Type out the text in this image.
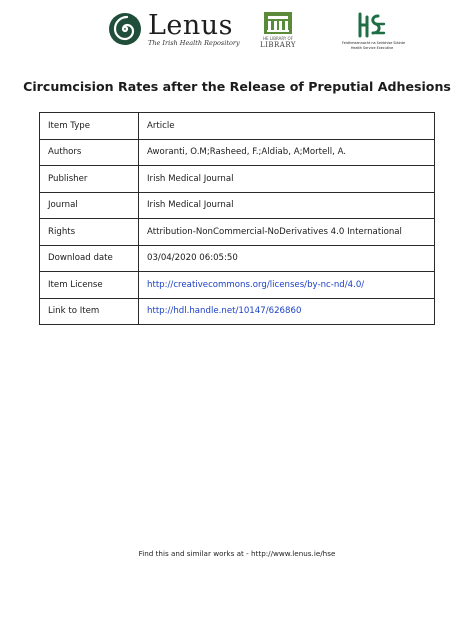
Lenus
The Irish Health Repository
HE LIBRARY OF
LIBRARY	Feidhmeannacht na Seirbhíse Sláinte
Health Service Executive
Circumcision Rates after the Release of Preputial Adhesions
Item Type	Article
Authors	Aworanti, O.M;Rasheed, F.;Aldiab, A;Mortell, A.
Publisher	Irish Medical Journal
Journal	Irish Medical Journal
Rights	Attribution-NonCommercial-NoDerivatives 4.0 International
Download date	03/04/2020 06:05:50
Item License	http://creativecommons.org/licenses/by-nc-nd/4.0/
Link to Item	http://hdl.handle.net/10147/626860
Find this and similar works at - http://www.lenus.ie/hse
